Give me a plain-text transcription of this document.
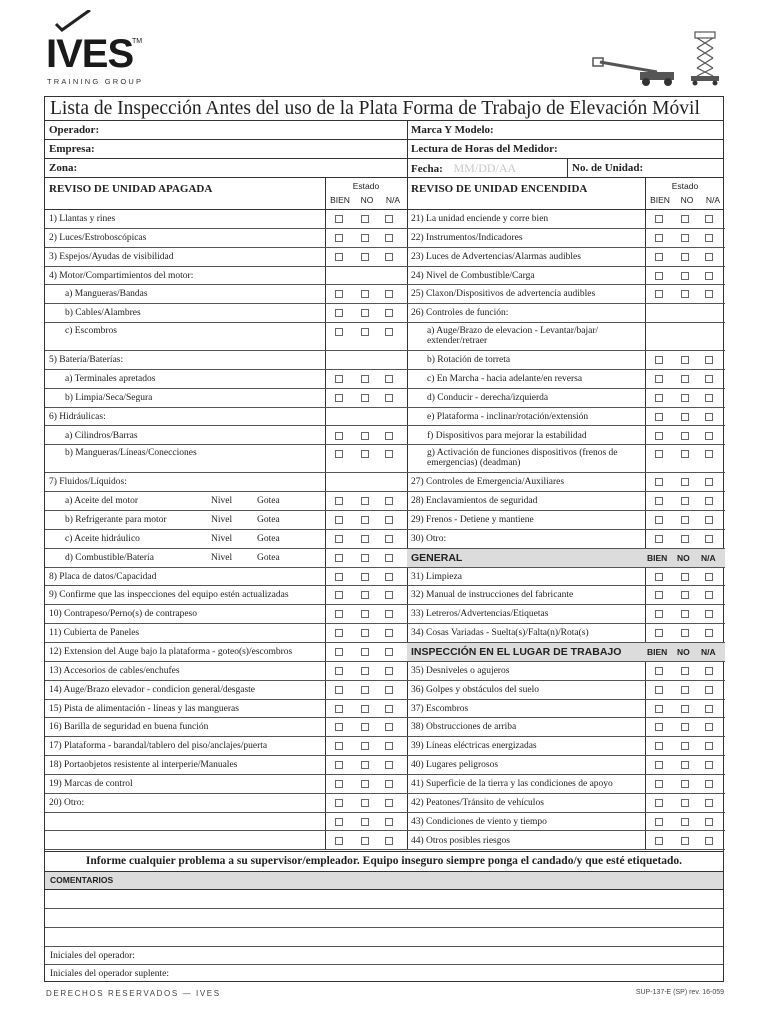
IVES
TM
TRAINING GROUP
Lista de Inspección Antes del uso de la Plata Forma de Trabajo de Elevación Móvil
Operador:	Marca Y Modelo:
Empresa:	Lectura de Horas del Medidor:
Zona:	Fecha: MM/DD/AA	No. de Unidad:
REVISO DE UNIDAD APAGADA	Estado
BIEN	NO	N/A
REVISO DE UNIDAD ENCENDIDA	Estado
BIEN	NO	N/A
1) Llantas y rines
2) Luces/Estroboscópicas
3) Espejos/Ayudas de visibilidad
4) Motor/Compartimientos del motor:
a) Mangueras/Bandas
b) Cables/Alambres
c) Escombros
5) Batería/Baterías:
a) Terminales apretados
b) Limpia/Seca/Segura
6) Hidráulicas:
a) Cilindros/Barras
b) Mangueras/Líneas/Conecciones
7) Fluidos/Líquidos:
a) Aceite del motor	Nivel	Gotea
b) Refrigerante para motor	Nivel	Gotea
c) Aceite hidráulico	Nivel	Gotea
d) Combustible/Batería	Nivel	Gotea
8) Placa de datos/Capacidad
9) Confirme que las inspecciones del equipo estén actualizadas
10) Contrapeso/Perno(s) de contrapeso
11) Cubierta de Paneles
12) Extension del Auge bajo la plataforma - goteo(s)/escombros
13) Accesorios de cables/enchufes
14) Auge/Brazo elevador - condicion general/desgaste
15) Pista de alimentación - líneas y las mangueras
16) Barilla de seguridad en buena función
17) Plataforma - barandal/tablero del piso/anclajes/puerta
18) Portaobjetos resistente al interperie/Manuales
19) Marcas de control
20) Otro:
21) La unidad enciende y corre bien
22) Instrumentos/Indicadores
23) Luces de Advertencias/Alarmas audibles
24) Nivel de Combustible/Carga
25) Claxon/Dispositivos de advertencia audibles
26) Controles de función:
a) Auge/Brazo de elevacion - Levantar/bajar/ extender/retraer
b) Rotación de torreta
c) En Marcha - hacia adelante/en reversa
d) Conducir - derecha/izquierda
e) Plataforma - inclinar/rotación/extensión
f) Dispositivos para mejorar la estabilidad
g) Activación de funciones dispositivos (frenos de emergencias) (deadman)
27) Controles de Emergencia/Auxiliares
28) Enclavamientos de seguridad
29) Frenos - Detiene y mantiene
30) Otro:
GENERAL	BIEN NO N/A
31) Limpieza
32) Manual de instrucciones del fabricante
33) Letreros/Advertencias/Etiquetas
34) Cosas Variadas - Suelta(s)/Falta(n)/Rota(s)
INSPECCIÓN EN EL LUGAR DE TRABAJO	BIEN NO N/A
35) Desniveles o agujeros
36) Golpes y obstáculos del suelo
37) Escombros
38) Obstrucciones de arriba
39) Líneas eléctricas energizadas
40) Lugares peligrosos
41) Superficie de la tierra y las condiciones de apoyo
42) Peatones/Tránsito de vehículos
43) Condiciones de viento y tiempo
44) Otros posibles riesgos
Informe cualquier problema a su supervisor/empleador. Equipo inseguro siempre ponga el candado/y que esté etiquetado.
COMENTARIOS
Iniciales del operador:
Iniciales del operador suplente:
DERECHOS RESERVADOS — IVES	SUP-137-E (SP) rev. 16-059
